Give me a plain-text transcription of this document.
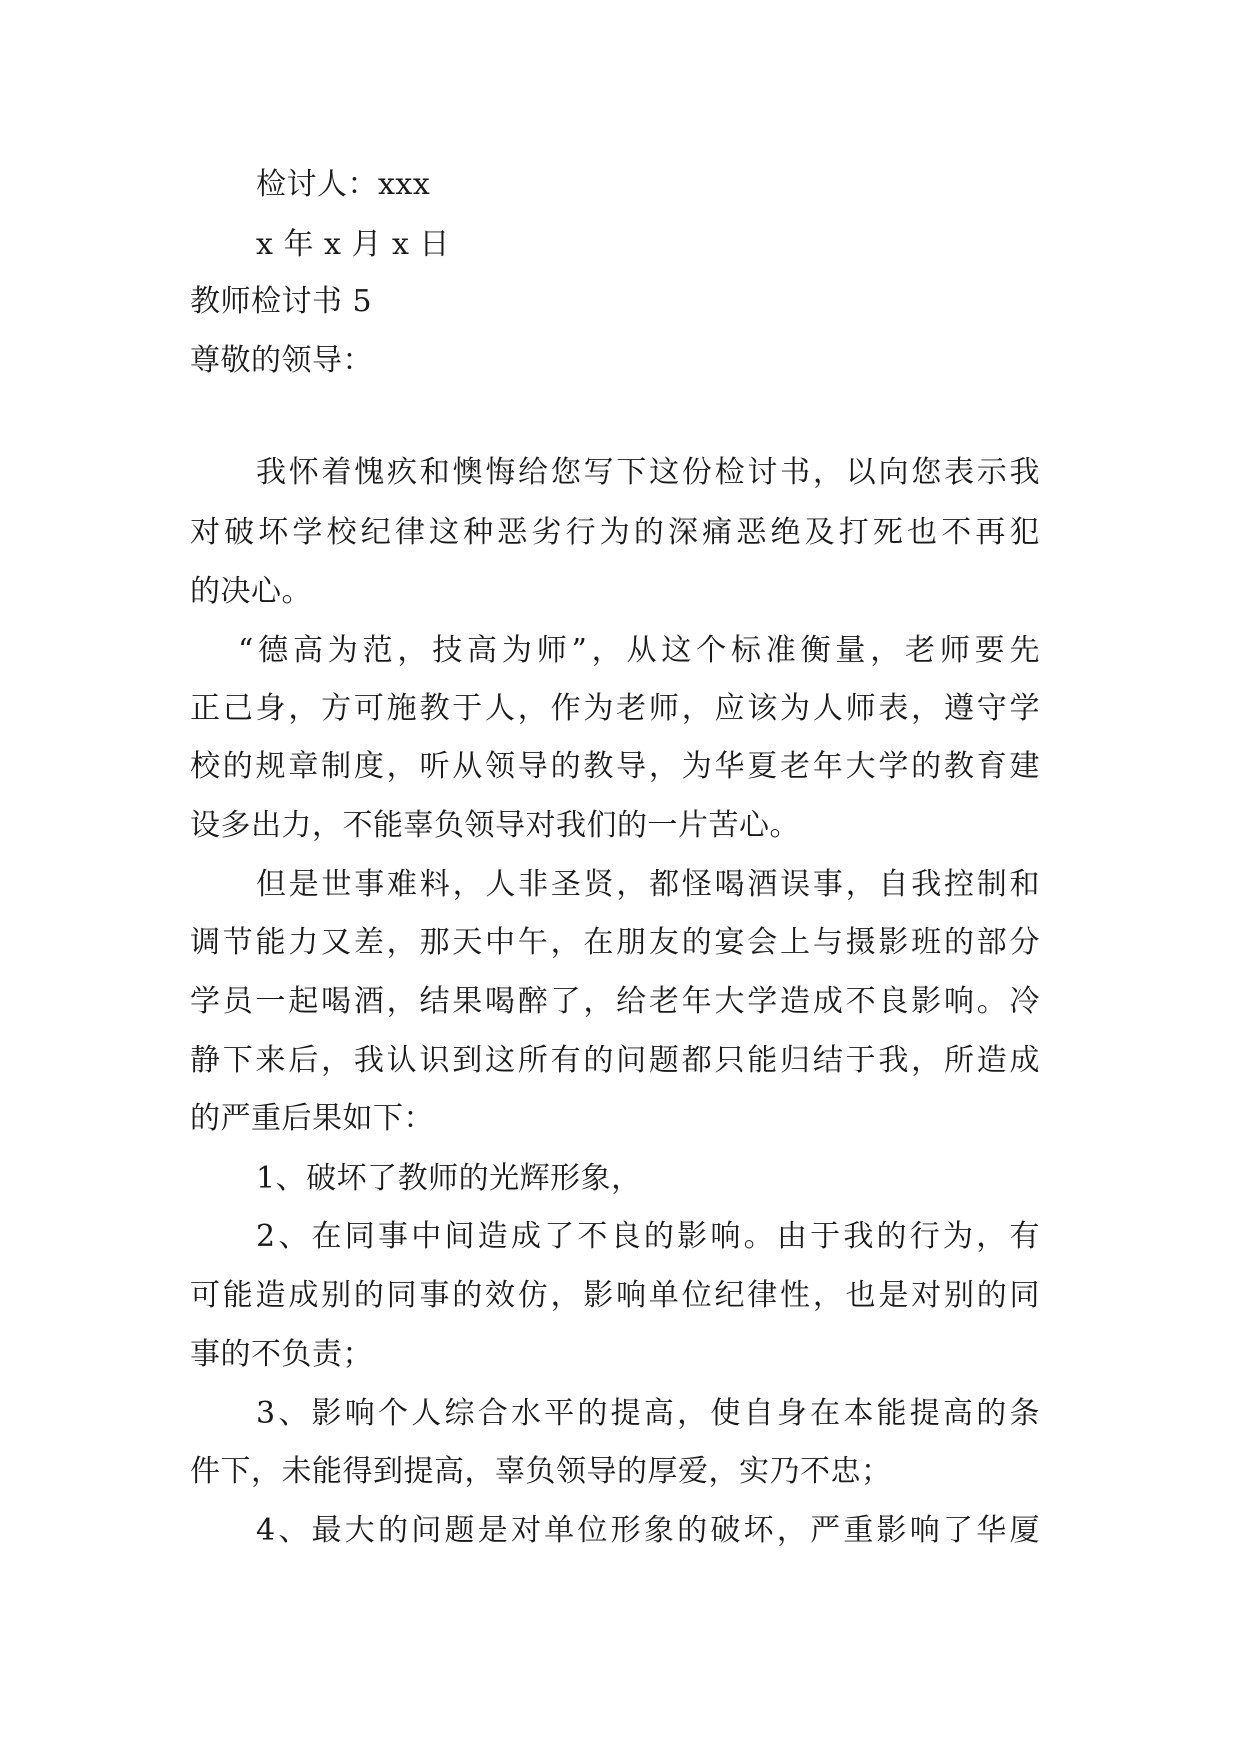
检讨人：xxx
x 年 x 月 x 日
教师检讨书 5
尊敬的领导：
我怀着愧疚和懊悔给您写下这份检讨书，以向您表示我
对破坏学校纪律这种恶劣行为的深痛恶绝及打死也不再犯
的决心。
“德高为范，技高为师”，从这个标准衡量，老师要先
正己身，方可施教于人，作为老师，应该为人师表，遵守学
校的规章制度，听从领导的教导，为华夏老年大学的教育建
设多出力，不能辜负领导对我们的一片苦心。
但是世事难料，人非圣贤，都怪喝酒误事，自我控制和
调节能力又差，那天中午，在朋友的宴会上与摄影班的部分
学员一起喝酒，结果喝醉了，给老年大学造成不良影响。冷
静下来后，我认识到这所有的问题都只能归结于我，所造成
的严重后果如下：
1、破坏了教师的光辉形象，
2、在同事中间造成了不良的影响。由于我的行为，有
可能造成别的同事的效仿，影响单位纪律性，也是对别的同
事的不负责；
3、影响个人综合水平的提高，使自身在本能提高的条
件下，未能得到提高，辜负领导的厚爱，实乃不忠；
4、最大的问题是对单位形象的破坏，严重影响了华厦
